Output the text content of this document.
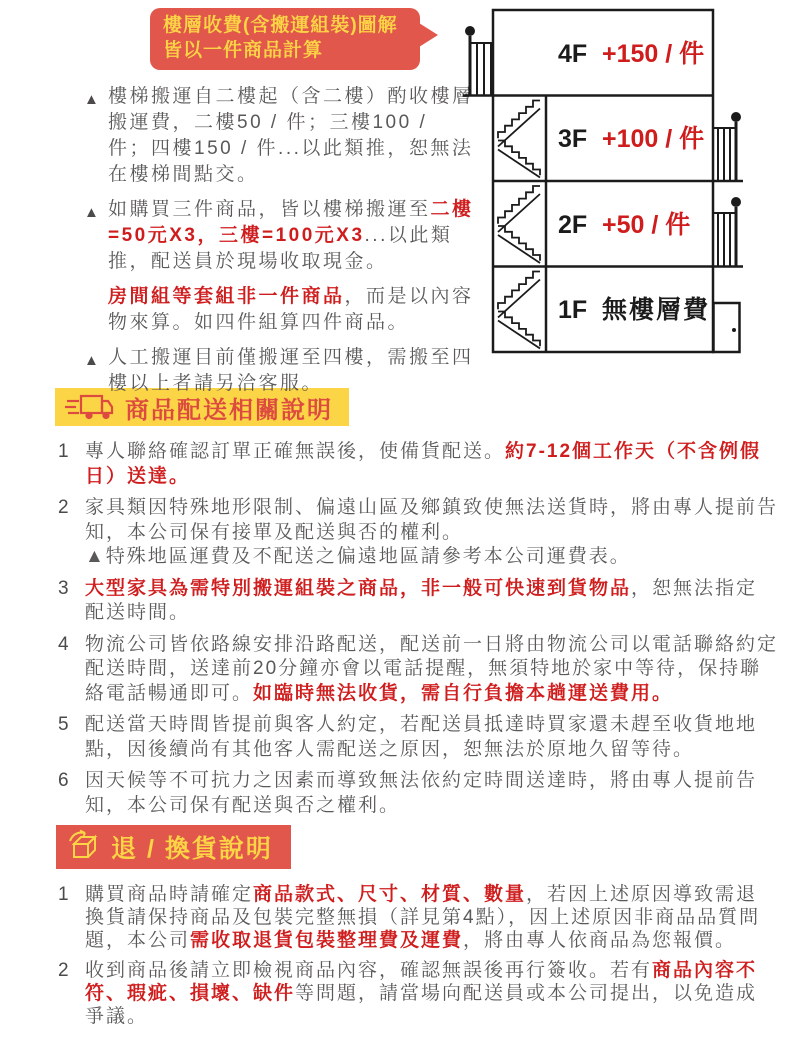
樓層收費(含搬運組裝)圖解
皆以一件商品計算
▲ 樓梯搬運自二樓起（含二樓）酌收樓層搬運費，二樓50 / 件；三樓100 / 件；四樓150 / 件...以此類推，恕無法在樓梯間點交。

▲ 如購買三件商品，皆以樓梯搬運至二樓=50元X3，三樓=100元X3...以此類推，配送員於現場收取現金。

房間組等套組非一件商品，而是以內容物來算。如四件組算四件商品。

▲ 人工搬運目前僅搬運至四樓，需搬至四樓以上者請另洽客服。

4F +150 / 件
3F +100 / 件
2F +50 / 件
1F 無樓層費
商品配送相關說明
1 專人聯絡確認訂單正確無誤後，使備貨配送。約7-12個工作天（不含例假日）送達。

2 家具類因特殊地形限制、偏遠山區及鄉鎮致使無法送貨時，將由專人提前告知，本公司保有接單及配送與否的權利。
▲特殊地區運費及不配送之偏遠地區請參考本公司運費表。

3 大型家具為需特別搬運組裝之商品，非一般可快速到貨物品，恕無法指定配送時間。

4 物流公司皆依路線安排沿路配送，配送前一日將由物流公司以電話聯絡約定配送時間，送達前20分鐘亦會以電話提醒，無須特地於家中等待，保持聯絡電話暢通即可。如臨時無法收貨，需自行負擔本趟運送費用。

5 配送當天時間皆提前與客人約定，若配送員抵達時買家還未趕至收貨地地點，因後續尚有其他客人需配送之原因，恕無法於原地久留等待。

6 因天候等不可抗力之因素而導致無法依約定時間送達時，將由專人提前告知，本公司保有配送與否之權利。

退 / 換貨說明
1 購買商品時請確定商品款式、尺寸、材質、數量，若因上述原因導致需退換貨請保持商品及包裝完整無損（詳見第4點），因上述原因非商品品質問題，本公司需收取退貨包裝整理費及運費，將由專人依商品為您報價。

2 收到商品後請立即檢視商品內容，確認無誤後再行簽收。若有商品內容不符、瑕疵、損壞、缺件等問題，請當場向配送員或本公司提出，以免造成爭議。
